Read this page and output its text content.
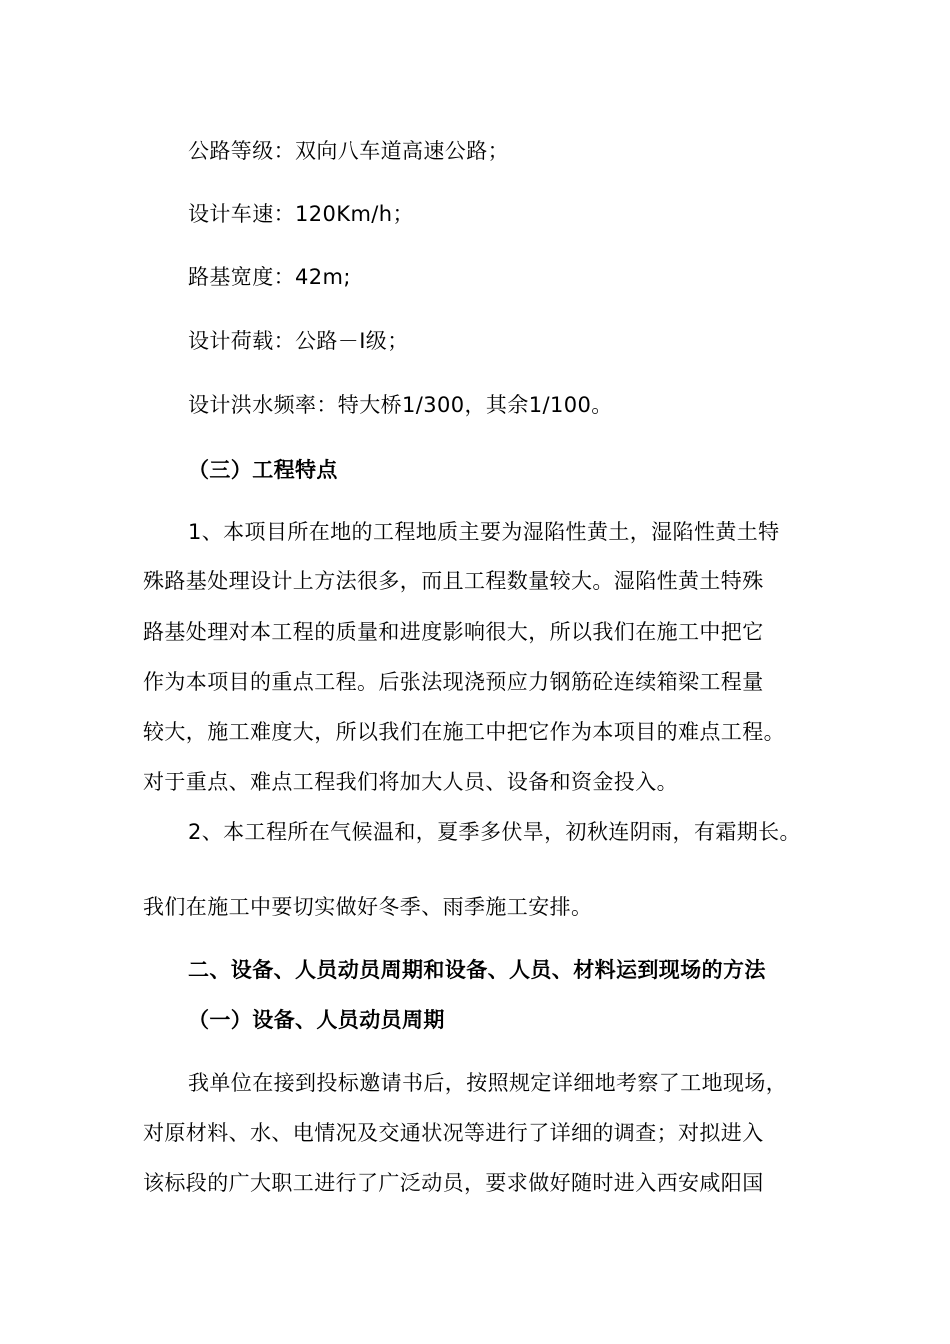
公路等级：双向八车道高速公路；
设计车速：120Km/h；
路基宽度：42m;
设计荷载：公路－I级；
设计洪水频率：特大桥1/300，其余1/100。
（三）工程特点
1、本项目所在地的工程地质主要为湿陷性黄土，湿陷性黄土特
殊路基处理设计上方法很多，而且工程数量较大。湿陷性黄土特殊
路基处理对本工程的质量和进度影响很大，所以我们在施工中把它
作为本项目的重点工程。后张法现浇预应力钢筋砼连续箱梁工程量
较大，施工难度大，所以我们在施工中把它作为本项目的难点工程。
对于重点、难点工程我们将加大人员、设备和资金投入。
2、本工程所在气候温和，夏季多伏旱，初秋连阴雨，有霜期长。
我们在施工中要切实做好冬季、雨季施工安排。
二、设备、人员动员周期和设备、人员、材料运到现场的方法
（一）设备、人员动员周期
我单位在接到投标邀请书后，按照规定详细地考察了工地现场，
对原材料、水、电情况及交通状况等进行了详细的调查；对拟进入
该标段的广大职工进行了广泛动员，要求做好随时进入西安咸阳国
